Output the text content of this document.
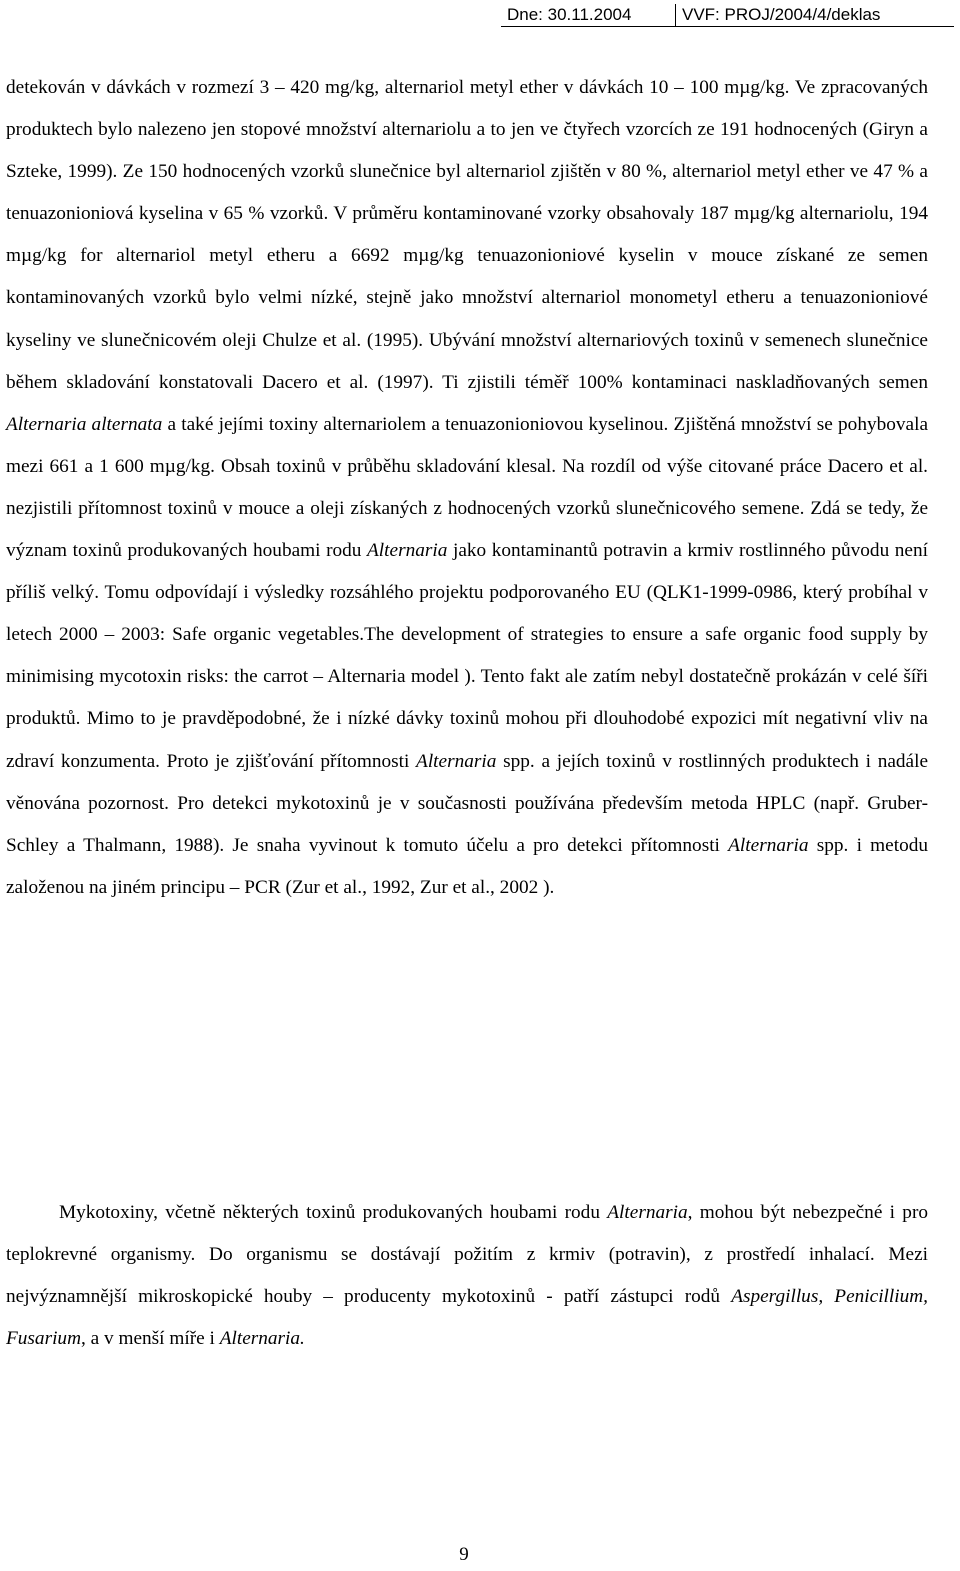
Dne: 30.11.2004	VVF: PROJ/2004/4/deklas

detekován v dávkách v rozmezí 3 – 420 mg/kg, alternariol metyl ether v dávkách 10 – 100 mµg/kg. Ve zpracovaných produktech bylo nalezeno jen stopové množství alternariolu a to jen ve čtyřech vzorcích ze 191 hodnocených (Giryn a Szteke, 1999). Ze 150 hodnocených vzorků slunečnice byl alternariol zjištěn v 80 %, alternariol metyl ether ve 47 % a tenuazonioniová kyselina v 65 % vzorků. V průměru kontaminované vzorky obsahovaly 187 mµg/kg alternariolu, 194 mµg/kg for alternariol metyl etheru a 6692 mµg/kg tenuazonioniové kyselin v mouce získané ze semen kontaminovaných vzorků bylo velmi nízké, stejně jako množství alternariol monometyl etheru a tenuazonioniové kyseliny ve slunečnicovém oleji Chulze et al. (1995). Ubývání množství alternariových toxinů v semenech slunečnice během skladování konstatovali Dacero et al. (1997). Ti zjistili téměř 100% kontaminaci naskladňovaných semen Alternaria alternata a také jejími toxiny alternariolem a tenuazonioniovou kyselinou. Zjištěná množství se pohybovala mezi 661 a 1 600 mµg/kg. Obsah toxinů v průběhu skladování klesal. Na rozdíl od výše citované práce Dacero et al. nezjistili přítomnost toxinů v mouce a oleji získaných z hodnocených vzorků slunečnicového semene. Zdá se tedy, že význam toxinů produkovaných houbami rodu Alternaria jako kontaminantů potravin a krmiv rostlinného původu není příliš velký. Tomu odpovídají i výsledky rozsáhlého projektu podporovaného EU (QLK1-1999-0986, který probíhal v letech 2000 – 2003: Safe organic vegetables.The development of strategies to ensure a safe organic food supply by minimising mycotoxin risks: the carrot – Alternaria model ). Tento fakt ale zatím nebyl dostatečně prokázán v celé šíři produktů. Mimo to je pravděpodobné, že i nízké dávky toxinů mohou při dlouhodobé expozici mít negativní vliv na zdraví konzumenta. Proto je zjišťování přítomnosti Alternaria spp. a jejích toxinů v rostlinných produktech i nadále věnována pozornost. Pro detekci mykotoxinů je v současnosti používána především metoda HPLC (např. Gruber-Schley a Thalmann, 1988). Je snaha vyvinout k tomuto účelu a pro detekci přítomnosti Alternaria spp. i metodu založenou na jiném principu – PCR (Zur et al., 1992, Zur et al., 2002 ).

Mykotoxiny, včetně některých toxinů produkovaných houbami rodu Alternaria, mohou být nebezpečné i pro teplokrevné organismy. Do organismu se dostávají požitím z krmiv (potravin), z prostředí inhalací. Mezi nejvýznamnější mikroskopické houby – producenty mykotoxinů - patří zástupci rodů Aspergillus, Penicillium, Fusarium, a v menší míře i Alternaria.

9
